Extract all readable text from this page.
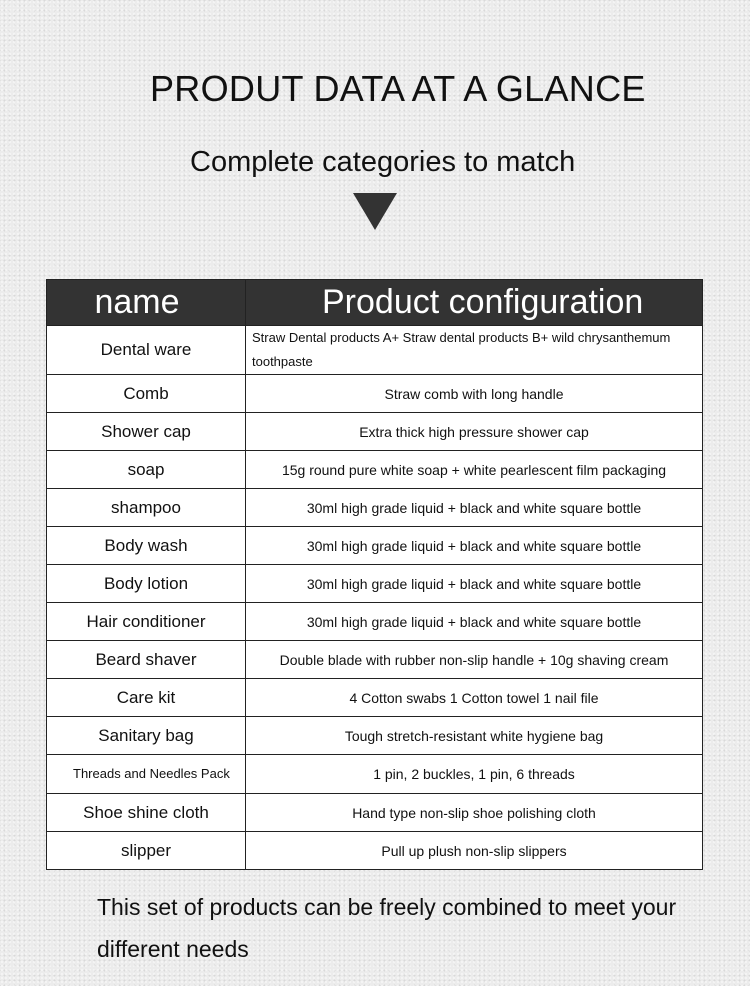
PRODUT DATA AT A GLANCE
Complete categories to match
name	Product configuration
Dental ware	Straw Dental products A+ Straw dental products B+ wild chrysanthemum toothpaste
Comb	Straw comb with long handle
Shower cap	Extra thick high pressure shower cap
soap	15g round pure white soap + white pearlescent film packaging
shampoo	30ml high grade liquid + black and white square bottle
Body wash	30ml high grade liquid + black and white square bottle
Body lotion	30ml high grade liquid + black and white square bottle
Hair conditioner	30ml high grade liquid + black and white square bottle
Beard shaver	Double blade with rubber non-slip handle + 10g shaving cream
Care kit	4 Cotton swabs 1 Cotton towel 1 nail file
Sanitary bag	Tough stretch-resistant white hygiene bag
Threads and Needles Pack	1 pin, 2 buckles, 1 pin, 6 threads
Shoe shine cloth	Hand type non-slip shoe polishing cloth
slipper	Pull up plush non-slip slippers
This set of products can be freely combined to meet your different needs
